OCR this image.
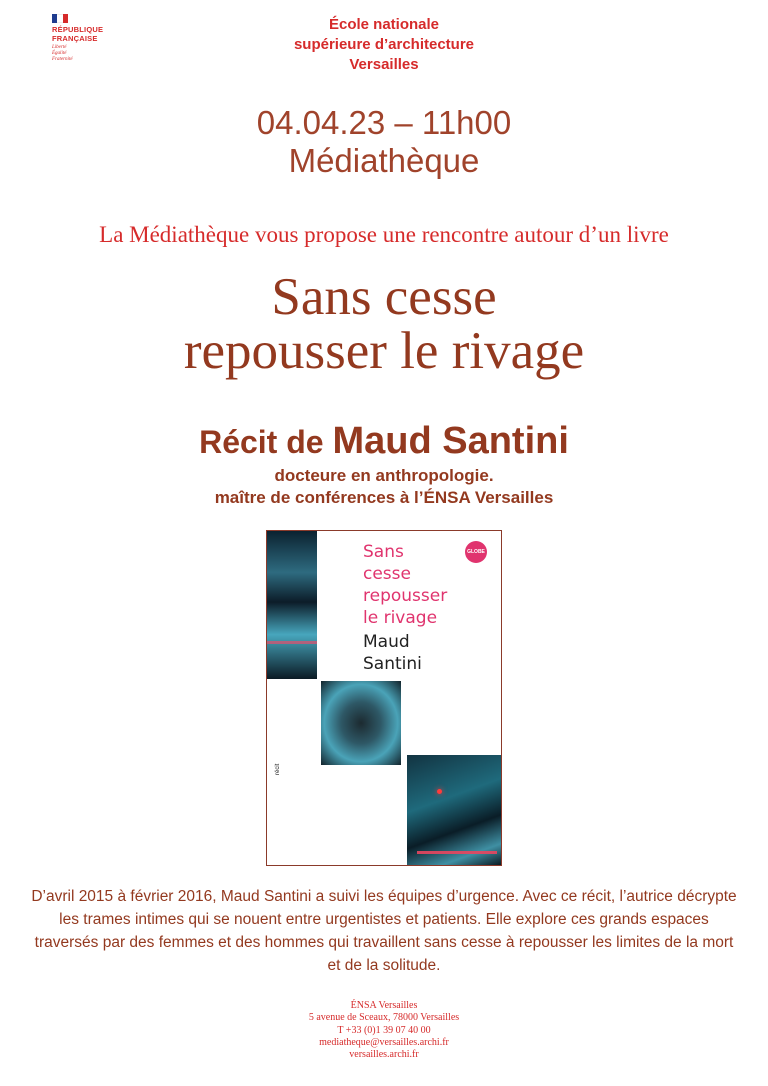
RÉPUBLIQUE
FRANÇAISE
Liberté
Égalité
Fraternité
École nationale
supérieure d’architecture
Versailles
04.04.23 – 11h00
Médiathèque
La Médiathèque vous propose une rencontre autour d’un livre
Sans cesse
repousser le rivage
Récit de Maud Santini
docteure en anthropologie.
maître de conférences à l’ÉNSA Versailles
Sans
cesse
repousser
le rivage
Maud
Santini
GLOBE
récit
D’avril 2015 à février 2016, Maud Santini a suivi les équipes d’urgence. Avec ce récit, l’autrice décrypte les trames intimes qui se nouent entre urgentistes et patients. Elle explore ces grands espaces traversés par des femmes et des hommes qui travaillent sans cesse à repousser les limites de la mort et de la solitude.
ÉNSA Versailles
5 avenue de Sceaux, 78000 Versailles
T +33 (0)1 39 07 40 00
mediatheque@versailles.archi.fr
versailles.archi.fr
